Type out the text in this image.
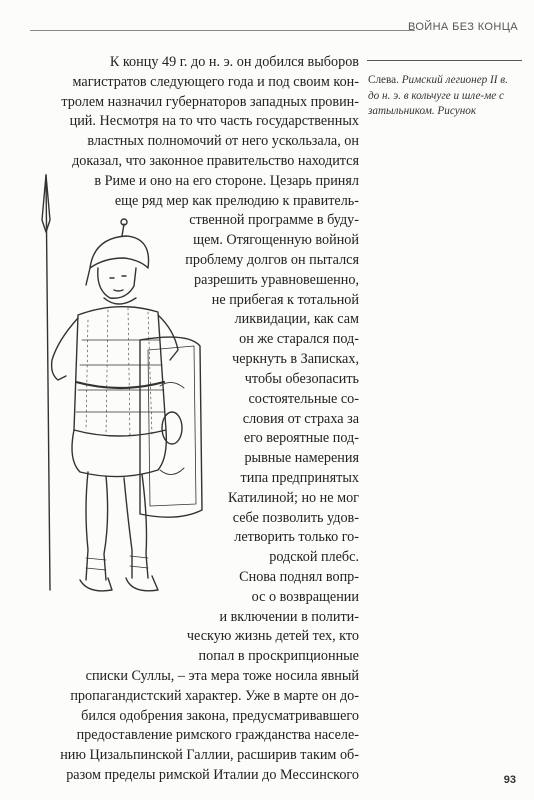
ВОЙНА БЕЗ КОНЦА
Слева. Римский легионер II в. до н. э. в кольчуге и шле-ме с затыльником. Рисунок
К концу 49 г. до н. э. он добился выборов
магистратов следующего года и под своим кон-
тролем назначил губернаторов западных провин-
ций. Несмотря на то что часть государственных
властных полномочий от него ускользала, он
доказал, что законное правительство находится
в Риме и оно на его стороне. Цезарь принял
еще ряд мер как прелюдию к правитель-
ственной программе в буду-
щем. Отягощенную войной
проблему долгов он пытался
разрешить уравновешенно,
не прибегая к тотальной
ликвидации, как сам
он же старался под-
черкнуть в Записках,
чтобы обезопасить
состоятельные со-
словия от страха за
его вероятные под-
рывные намерения
типа предпринятых
Катилиной; но не мог
себе позволить удов-
летворить только го-
родской плебс.
Снова поднял вопр-
ос о возвращении
и включении в полити-
ческую жизнь детей тех, кто
попал в проскрипционные
списки Суллы, – эта мера тоже носила явный
пропагандистский характер. Уже в марте он до-
бился одобрения закона, предусматривавшего
предоставление римского гражданства населе-
нию Цизальпинской Галлии, расширив таким об-
разом пределы римской Италии до Мессинского	93
